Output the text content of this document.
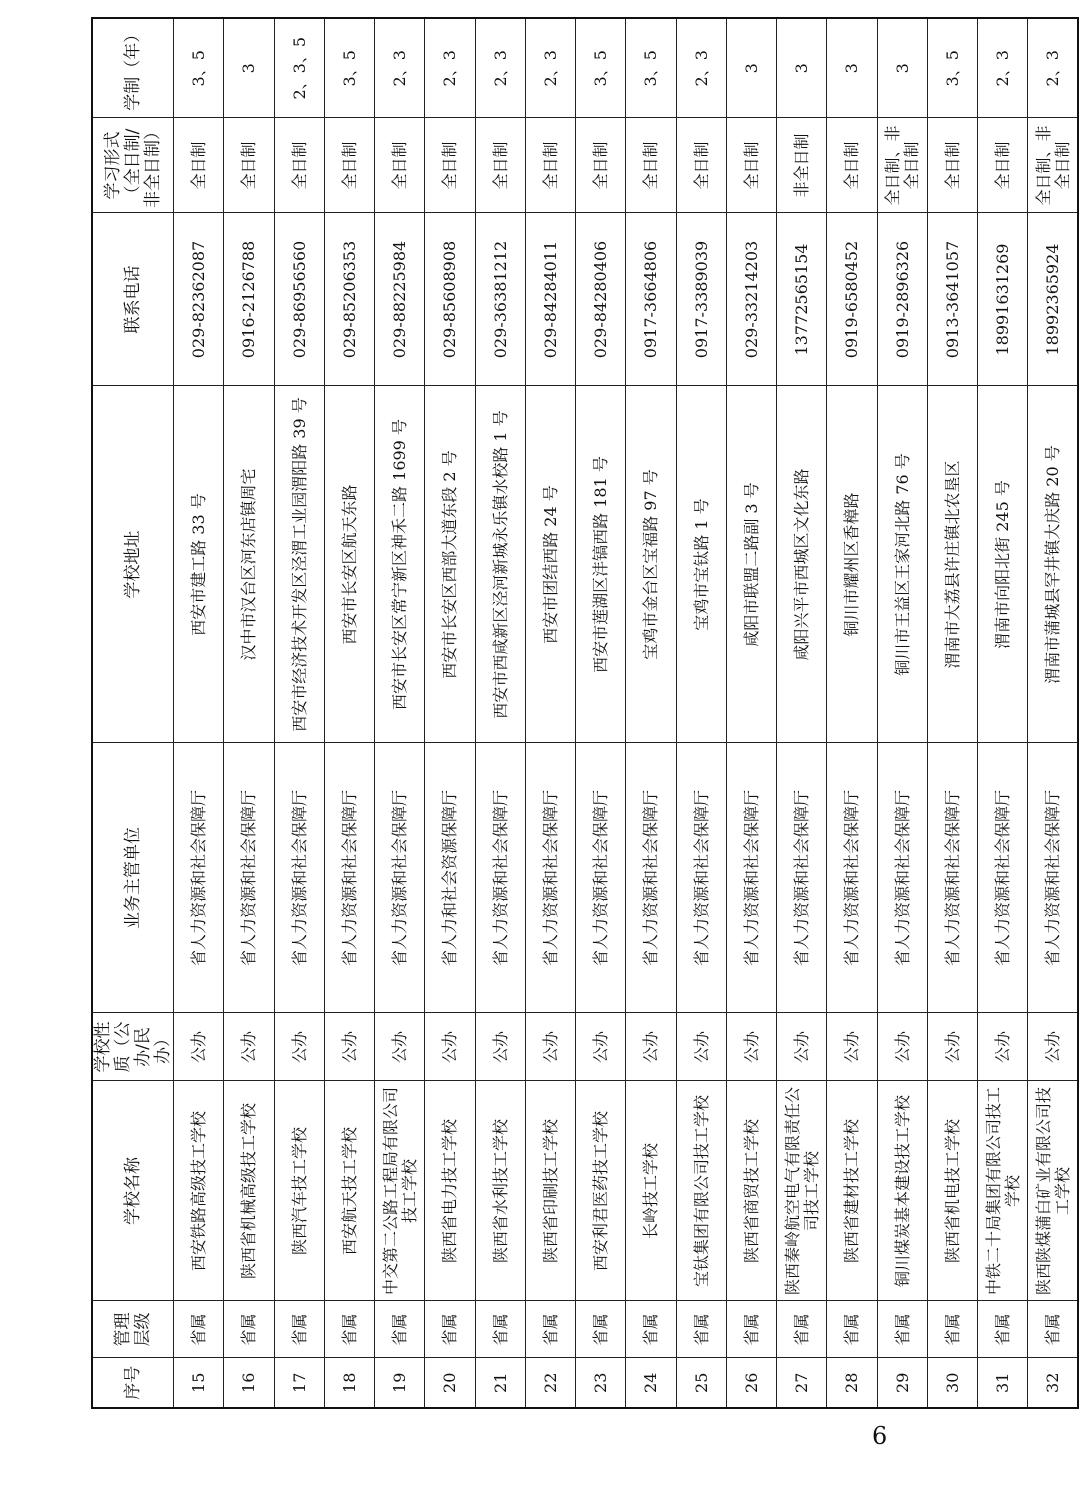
序号	管理层级	学校名称	学校性质（公办/民办）	业务主管单位	学校地址	联系电话	学习形式（全日制/非全日制）	学制（年）
15	省属	西安铁路高级技工学校	公办	省人力资源和社会保障厅	西安市建工路 33 号	029-82362087	全日制	3、5
16	省属	陕西省机械高级技工学校	公办	省人力资源和社会保障厅	汉中市汉台区河东店镇周宅	0916-2126788	全日制	3
17	省属	陕西汽车技工学校	公办	省人力资源和社会保障厅	西安市经济技术开发区泾渭工业园渭阳路 39 号	029-86956560	全日制	2、3、5
18	省属	西安航天技工学校	公办	省人力资源和社会保障厅	西安市长安区航天东路	029-85206353	全日制	3、5
19	省属	中交第二公路工程局有限公司技工学校	公办	省人力资源和社会保障厅	西安市长安区常宁新区神禾二路 1699 号	029-88225984	全日制	2、3
20	省属	陕西省电力技工学校	公办	省人力和社会资源保障厅	西安市长安区西部大道东段 2 号	029-85608908	全日制	2、3
21	省属	陕西省水利技工学校	公办	省人力资源和社会保障厅	西安市西咸新区泾河新城永乐镇水校路 1 号	029-36381212	全日制	2、3
22	省属	陕西省印刷技工学校	公办	省人力资源和社会保障厅	西安市团结西路 24 号	029-84284011	全日制	2、3
23	省属	西安利君医药技工学校	公办	省人力资源和社会保障厅	西安市莲湖区沣镐西路 181 号	029-84280406	全日制	3、5
24	省属	长岭技工学校	公办	省人力资源和社会保障厅	宝鸡市金台区宝福路 97 号	0917-3664806	全日制	3、5
25	省属	宝钛集团有限公司技工学校	公办	省人力资源和社会保障厅	宝鸡市宝钛路 1 号	0917-3389039	全日制	2、3
26	省属	陕西省商贸技工学校	公办	省人力资源和社会保障厅	咸阳市联盟二路副 3 号	029-33214203	全日制	3
27	省属	陕西秦岭航空电气有限责任公司技工学校	公办	省人力资源和社会保障厅	咸阳兴平市西城区文化东路	13772565154	非全日制	3
28	省属	陕西省建材技工学校	公办	省人力资源和社会保障厅	铜川市耀州区香樟路	0919-6580452	全日制	3
29	省属	铜川煤炭基本建设技工学校	公办	省人力资源和社会保障厅	铜川市王益区王家河北路 76 号	0919-2896326	全日制、非全日制	3
30	省属	陕西省机电技工学校	公办	省人力资源和社会保障厅	渭南市大荔县许庄镇北农垦区	0913-3641057	全日制	3、5
31	省属	中铁二十局集团有限公司技工学校	公办	省人力资源和社会保障厅	渭南市向阳北街 245 号	18991631269	全日制	2、3
32	省属	陕西陕煤蒲白矿业有限公司技工学校	公办	省人力资源和社会保障厅	渭南市蒲城县罕井镇大庆路 20 号	18992365924	全日制、非全日制	2、3
9
